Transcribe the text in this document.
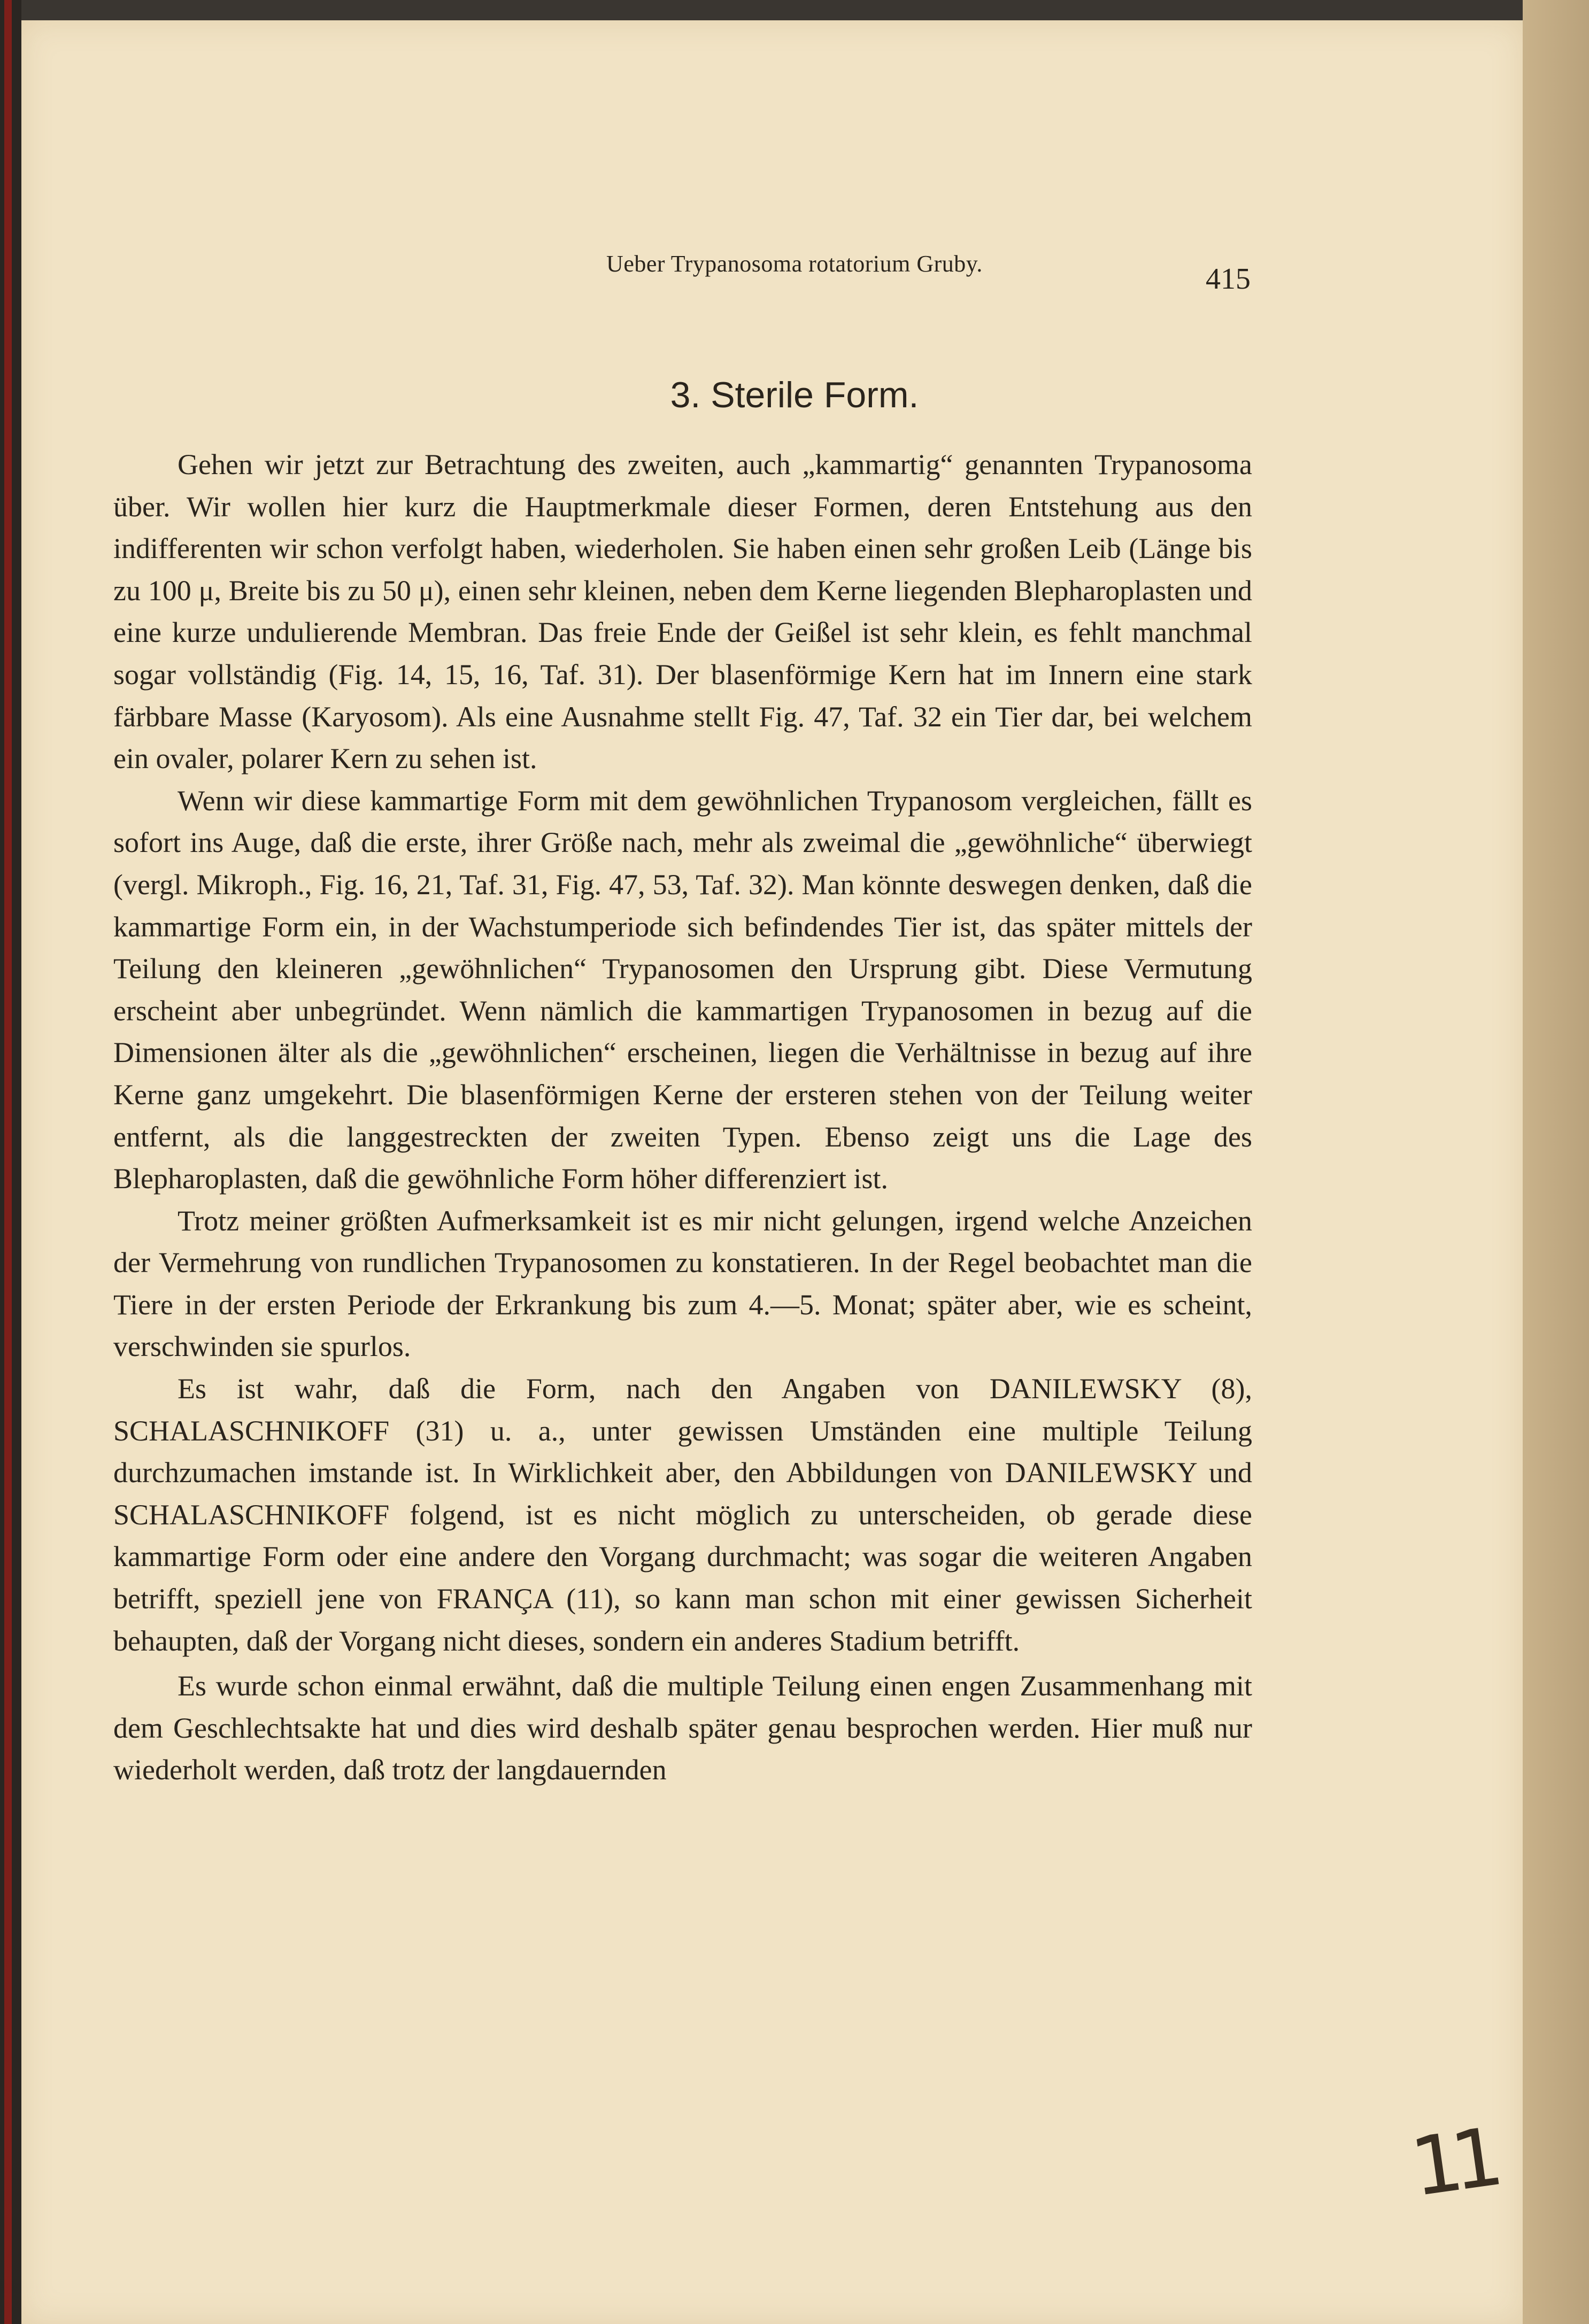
Ueber Trypanosoma rotatorium Gruby.	415
3. Sterile Form.

Gehen wir jetzt zur Betrachtung des zweiten, auch „kammartig“ genannten Trypanosoma über. Wir wollen hier kurz die Hauptmerkmale dieser Formen, deren Entstehung aus den indifferenten wir schon verfolgt haben, wiederholen. Sie haben einen sehr großen Leib (Länge bis zu 100 μ, Breite bis zu 50 μ), einen sehr kleinen, neben dem Kerne liegenden Blepharoplasten und eine kurze undulierende Membran. Das freie Ende der Geißel ist sehr klein, es fehlt manchmal sogar vollständig (Fig. 14, 15, 16, Taf. 31). Der blasenförmige Kern hat im Innern eine stark färbbare Masse (Karyosom). Als eine Ausnahme stellt Fig. 47, Taf. 32 ein Tier dar, bei welchem ein ovaler, polarer Kern zu sehen ist.

Wenn wir diese kammartige Form mit dem gewöhnlichen Trypanosom vergleichen, fällt es sofort ins Auge, daß die erste, ihrer Größe nach, mehr als zweimal die „gewöhnliche“ überwiegt (vergl. Mikroph., Fig. 16, 21, Taf. 31, Fig. 47, 53, Taf. 32). Man könnte deswegen denken, daß die kammartige Form ein, in der Wachstumperiode sich befindendes Tier ist, das später mittels der Teilung den kleineren „gewöhnlichen“ Trypanosomen den Ursprung gibt. Diese Vermutung erscheint aber unbegründet. Wenn nämlich die kammartigen Trypanosomen in bezug auf die Dimensionen älter als die „gewöhnlichen“ erscheinen, liegen die Verhältnisse in bezug auf ihre Kerne ganz umgekehrt. Die blasenförmigen Kerne der ersteren stehen von der Teilung weiter entfernt, als die langgestreckten der zweiten Typen. Ebenso zeigt uns die Lage des Blepharoplasten, daß die gewöhnliche Form höher differenziert ist.

Trotz meiner größten Aufmerksamkeit ist es mir nicht gelungen, irgend welche Anzeichen der Vermehrung von rundlichen Trypanosomen zu konstatieren. In der Regel beobachtet man die Tiere in der ersten Periode der Erkrankung bis zum 4.—5. Monat; später aber, wie es scheint, verschwinden sie spurlos.

Es ist wahr, daß die Form, nach den Angaben von DANILEWSKY (8), SCHALASCHNIKOFF (31) u. a., unter gewissen Umständen eine multiple Teilung durchzumachen imstande ist. In Wirklichkeit aber, den Abbildungen von DANILEWSKY und SCHALASCHNIKOFF folgend, ist es nicht möglich zu unterscheiden, ob gerade diese kammartige Form oder eine andere den Vorgang durchmacht; was sogar die weiteren Angaben betrifft, speziell jene von FRANÇA (11), so kann man schon mit einer gewissen Sicherheit behaupten, daß der Vorgang nicht dieses, sondern ein anderes Stadium betrifft.

Es wurde schon einmal erwähnt, daß die multiple Teilung einen engen Zusammenhang mit dem Geschlechtsakte hat und dies wird deshalb später genau besprochen werden. Hier muß nur wiederholt werden, daß trotz der langdauernden

11
